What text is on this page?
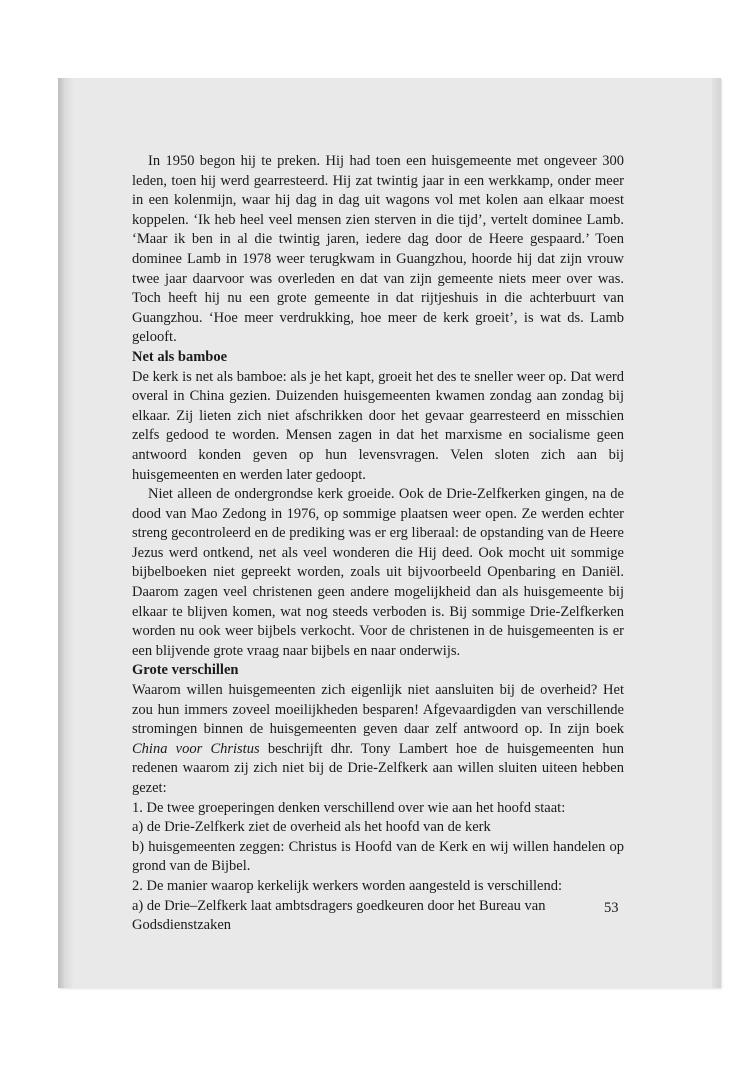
In 1950 begon hij te preken. Hij had toen een huisgemeente met ongeveer 300 leden, toen hij werd gearresteerd. Hij zat twintig jaar in een werkkamp, onder meer in een kolenmijn, waar hij dag in dag uit wagons vol met kolen aan elkaar moest koppelen. ‘Ik heb heel veel mensen zien sterven in die tijd’, vertelt dominee Lamb. ‘Maar ik ben in al die twintig jaren, iedere dag door de Heere gespaard.’ Toen dominee Lamb in 1978 weer terugkwam in Guangzhou, hoorde hij dat zijn vrouw twee jaar daarvoor was overleden en dat van zijn gemeente niets meer over was. Toch heeft hij nu een grote gemeente in dat rijtjeshuis in die achterbuurt van Guangzhou. ‘Hoe meer verdrukking, hoe meer de kerk groeit’, is wat ds. Lamb gelooft.

Net als bamboe

De kerk is net als bamboe: als je het kapt, groeit het des te sneller weer op. Dat werd overal in China gezien. Duizenden huisgemeenten kwamen zondag aan zondag bij elkaar. Zij lieten zich niet afschrikken door het gevaar gearresteerd en misschien zelfs gedood te worden. Mensen zagen in dat het marxisme en socialisme geen antwoord konden geven op hun levensvragen. Velen sloten zich aan bij huisgemeenten en werden later gedoopt.

Niet alleen de ondergrondse kerk groeide. Ook de Drie-Zelfkerken gingen, na de dood van Mao Zedong in 1976, op sommige plaatsen weer open. Ze werden echter streng gecontroleerd en de prediking was er erg liberaal: de opstanding van de Heere Jezus werd ontkend, net als veel wonderen die Hij deed. Ook mocht uit sommige bijbelboeken niet gepreekt worden, zoals uit bijvoorbeeld Openbaring en Daniël. Daarom zagen veel christenen geen andere mogelijkheid dan als huisgemeente bij elkaar te blijven komen, wat nog steeds verboden is. Bij sommige Drie-Zelfkerken worden nu ook weer bijbels verkocht. Voor de christenen in de huisgemeenten is er een blijvende grote vraag naar bijbels en naar onderwijs.

Grote verschillen

Waarom willen huisgemeenten zich eigenlijk niet aansluiten bij de overheid? Het zou hun immers zoveel moeilijkheden besparen! Afgevaardigden van verschillende stromingen binnen de huisgemeenten geven daar zelf antwoord op. In zijn boek China voor Christus beschrijft dhr. Tony Lambert hoe de huisgemeenten hun redenen waarom zij zich niet bij de Drie-Zelfkerk aan willen sluiten uiteen hebben gezet:

1. De twee groeperingen denken verschillend over wie aan het hoofd staat:

a) de Drie-Zelfkerk ziet de overheid als het hoofd van de kerk

b) huisgemeenten zeggen: Christus is Hoofd van de Kerk en wij willen handelen op grond van de Bijbel.

2. De manier waarop kerkelijk werkers worden aangesteld is verschillend:

a) de Drie–Zelfkerk laat ambtsdragers goedkeuren door het Bureau van

Godsdienstzaken

53
